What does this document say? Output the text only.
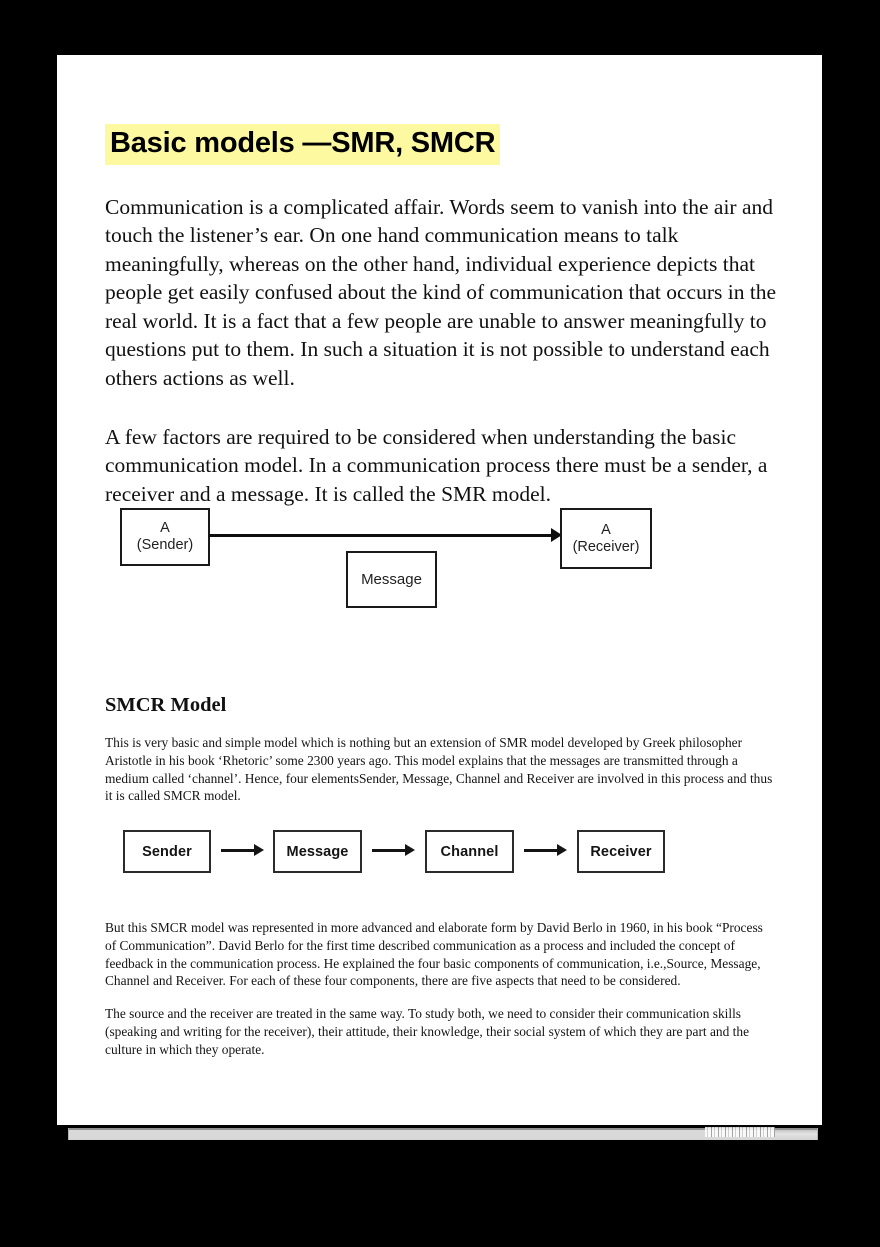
Basic models —SMR, SMCR

Communication is a complicated affair. Words seem to vanish into the air and touch the listener’s ear. On one hand communication means to talk meaningfully, whereas on the other hand, individual experience depicts that people get easily confused about the kind of communication that occurs in the real world. It is a fact that a few people are unable to answer meaningfully to questions put to them. In such a situation it is not possible to understand each others actions as well.

A few factors are required to be considered when understanding the basic communication model. In a communication process there must be a sender, a receiver and a message. It is called the SMR model.

A
(Sender)
A
(Receiver)
Message
SMCR Model

This is very basic and simple model which is nothing but an extension of SMR model developed by Greek philosopher Aristotle in his book ‘Rhetoric’ some 2300 years ago. This model explains that the messages are transmitted through a medium called ‘channel’. Hence, four elementsSender, Message, Channel and Receiver are involved in this process and thus it is called SMCR model.

Sender	Message	Channel	Receiver

But this SMCR model was represented in more advanced and elaborate form by David Berlo in 1960, in his book “Process of Communication”. David Berlo for the first time described communication as a process and included the concept of feedback in the communication process. He explained the four basic components of communication, i.e.,Source, Message, Channel and Receiver. For each of these four components, there are five aspects that need to be considered.

The source and the receiver are treated in the same way. To study both, we need to consider their communication skills (speaking and writing for the receiver), their attitude, their knowledge, their social system of which they are part and the culture in which they operate.
